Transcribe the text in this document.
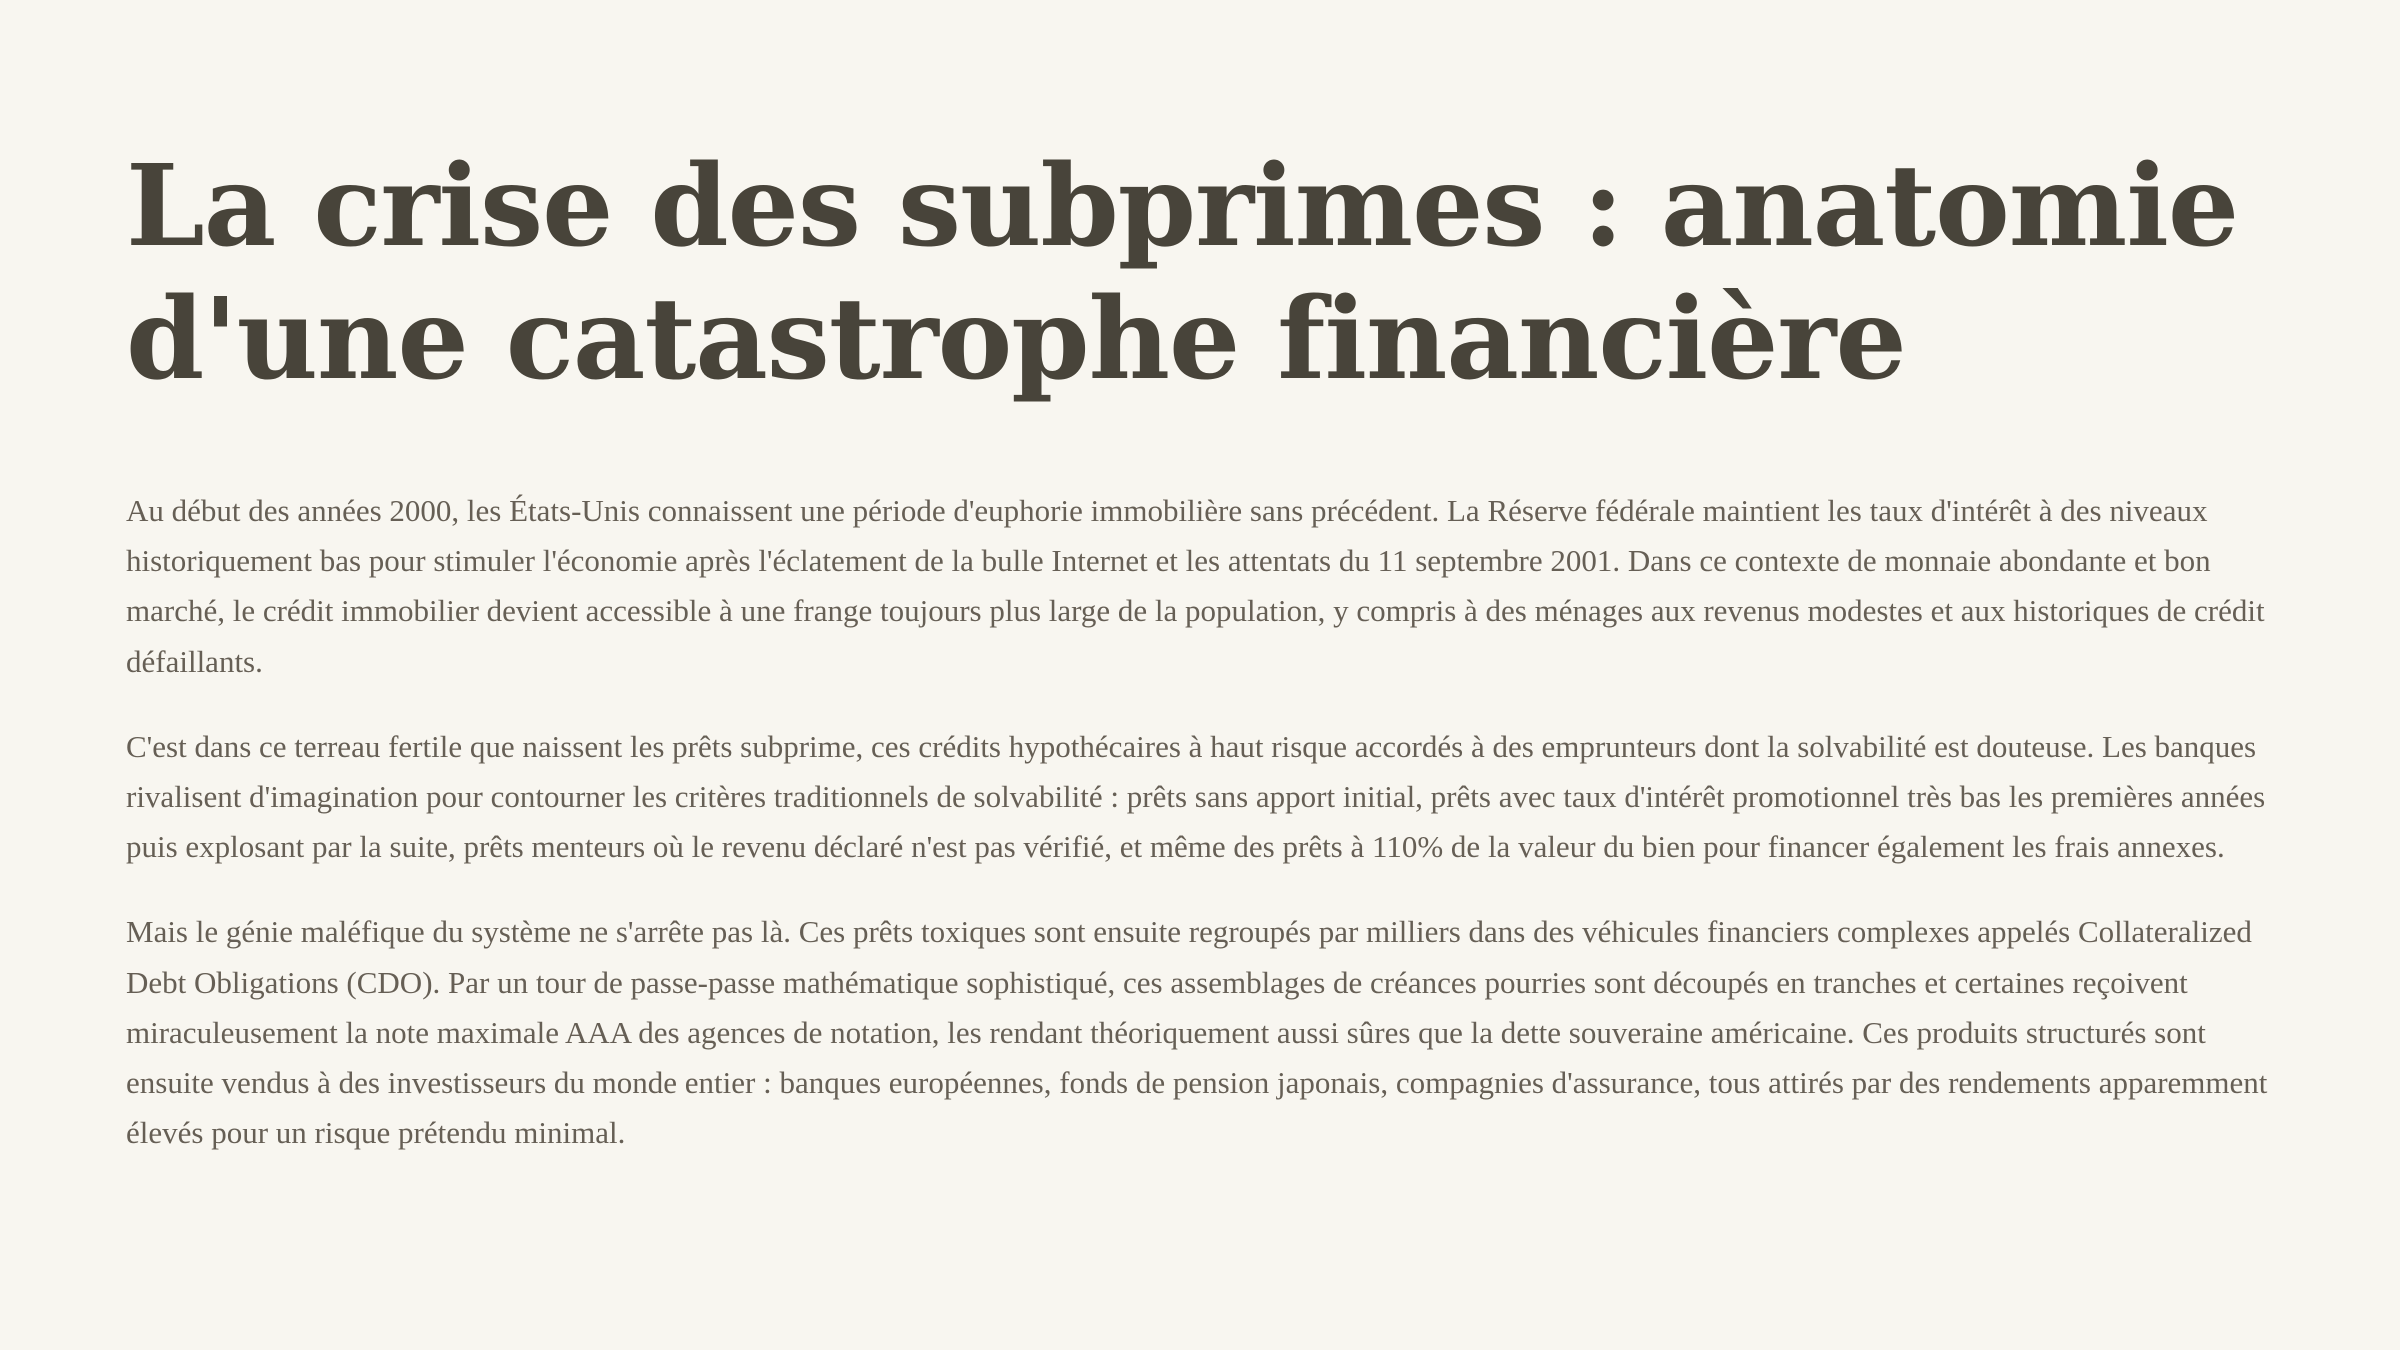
La crise des subprimes : anatomie d'une catastrophe financière

Au début des années 2000, les États-Unis connaissent une période d'euphorie immobilière sans précédent. La Réserve fédérale maintient les taux d'intérêt à des niveaux historiquement bas pour stimuler l'économie après l'éclatement de la bulle Internet et les attentats du 11 septembre 2001. Dans ce contexte de monnaie abondante et bon marché, le crédit immobilier devient accessible à une frange toujours plus large de la population, y compris à des ménages aux revenus modestes et aux historiques de crédit défaillants.

C'est dans ce terreau fertile que naissent les prêts subprime, ces crédits hypothécaires à haut risque accordés à des emprunteurs dont la solvabilité est douteuse. Les banques rivalisent d'imagination pour contourner les critères traditionnels de solvabilité : prêts sans apport initial, prêts avec taux d'intérêt promotionnel très bas les premières années puis explosant par la suite, prêts menteurs où le revenu déclaré n'est pas vérifié, et même des prêts à 110% de la valeur du bien pour financer également les frais annexes.

Mais le génie maléfique du système ne s'arrête pas là. Ces prêts toxiques sont ensuite regroupés par milliers dans des véhicules financiers complexes appelés Collateralized Debt Obligations (CDO). Par un tour de passe-passe mathématique sophistiqué, ces assemblages de créances pourries sont découpés en tranches et certaines reçoivent miraculeusement la note maximale AAA des agences de notation, les rendant théoriquement aussi sûres que la dette souveraine américaine. Ces produits structurés sont ensuite vendus à des investisseurs du monde entier : banques européennes, fonds de pension japonais, compagnies d'assurance, tous attirés par des rendements apparemment élevés pour un risque prétendu minimal.
